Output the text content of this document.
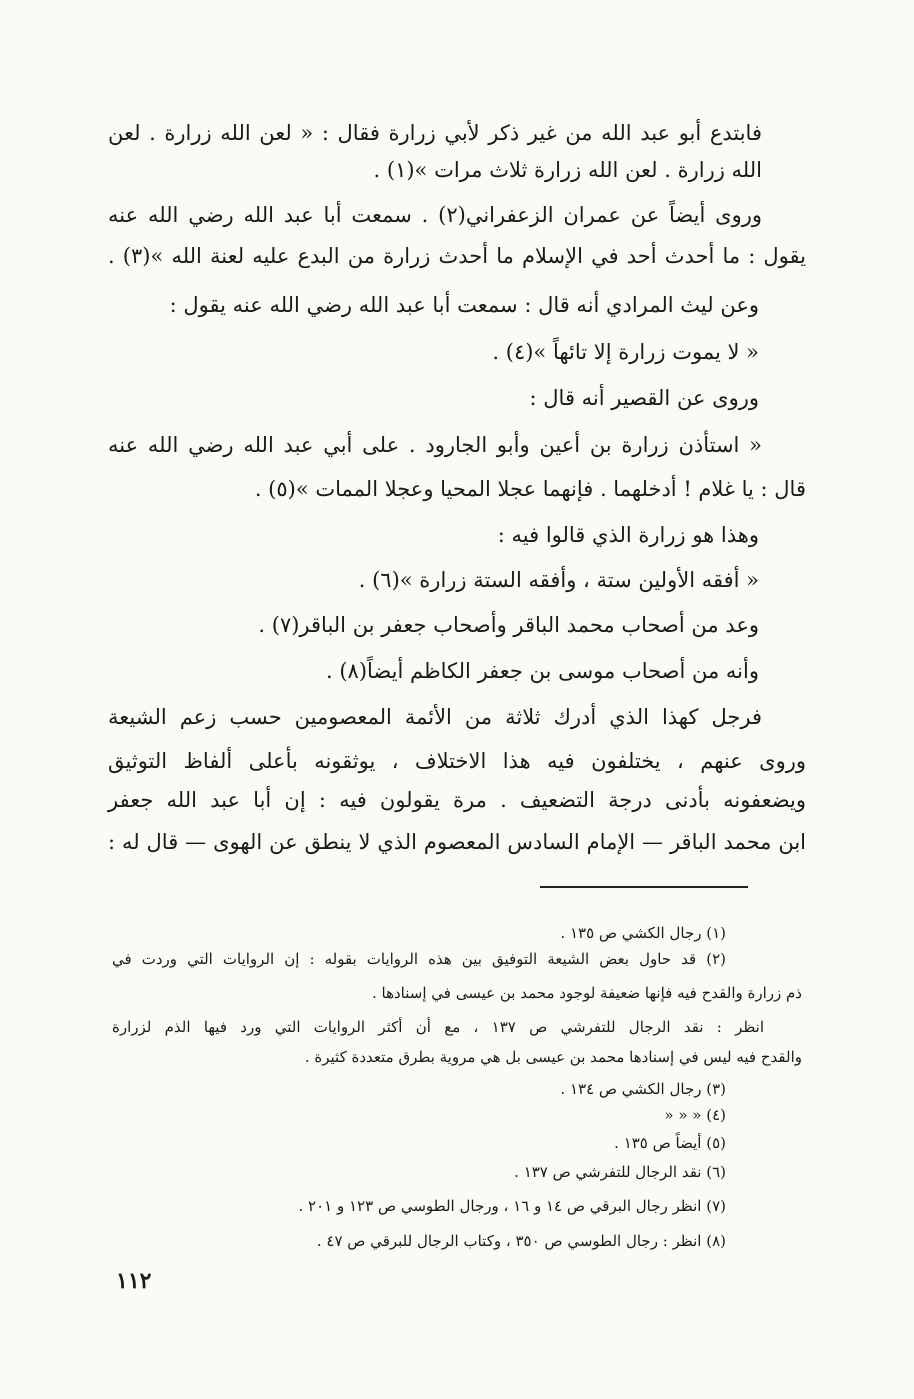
فابتدع أبو عبد الله من غير ذكر لأبي زرارة فقال : « لعن الله زرارة . لعن
الله زرارة . لعن الله زرارة ثلاث مرات »(١) .
وروى أيضاً عن عمران الزعفراني(٢) . سمعت أبا عبد الله رضي الله عنه
يقول : ما أحدث أحد في الإسلام ما أحدث زرارة من البدع عليه لعنة الله »(٣) .
وعن ليث المرادي أنه قال : سمعت أبا عبد الله رضي الله عنه يقول :
« لا يموت زرارة إلا تائهاً »(٤) .
وروى عن القصير أنه قال :
« استأذن زرارة بن أعين وأبو الجارود . على أبي عبد الله رضي الله عنه
قال : يا غلام ! أدخلهما . فإنهما عجلا المحيا وعجلا الممات »(٥) .
وهذا هو زرارة الذي قالوا فيه :
« أفقه الأولين ستة ، وأفقه الستة زرارة »(٦) .
وعد من أصحاب محمد الباقر وأصحاب جعفر بن الباقر(٧) .
وأنه من أصحاب موسى بن جعفر الكاظم أيضاً(٨) .
فرجل كهذا الذي أدرك ثلاثة من الأئمة المعصومين حسب زعم الشيعة
وروى عنهم ، يختلفون فيه هذا الاختلاف ، يوثقونه بأعلى ألفاظ التوثيق
ويضعفونه بأدنى درجة التضعيف . مرة يقولون فيه : إن أبا عبد الله جعفر
ابن محمد الباقر — الإمام السادس المعصوم الذي لا ينطق عن الهوى — قال له :
(١) رجال الكشي ص ١٣٥ .
(٢) قد حاول بعض الشيعة التوفيق بين هذه الروايات بقوله : إن الروايات التي وردت في
ذم زرارة والقدح فيه فإنها ضعيفة لوجود محمد بن عيسى في إسنادها .
انظر : نقد الرجال للتفرشي ص ١٣٧ ، مع أن أكثر الروايات التي ورد فيها الذم لزرارة
والقدح فيه ليس في إسنادها محمد بن عيسى بل هي مروية بطرق متعددة كثيرة .
(٣) رجال الكشي ص ١٣٤ .
(٤) « « «
(٥) أيضاً ص ١٣٥ .
(٦) نقد الرجال للتفرشي ص ١٣٧ .
(٧) انظر رجال البرقي ص ١٤ و ١٦ ، ورجال الطوسي ص ١٢٣ و ٢٠١ .
(٨) انظر : رجال الطوسي ص ٣٥٠ ، وكتاب الرجال للبرقي ص ٤٧ .
١١٢
